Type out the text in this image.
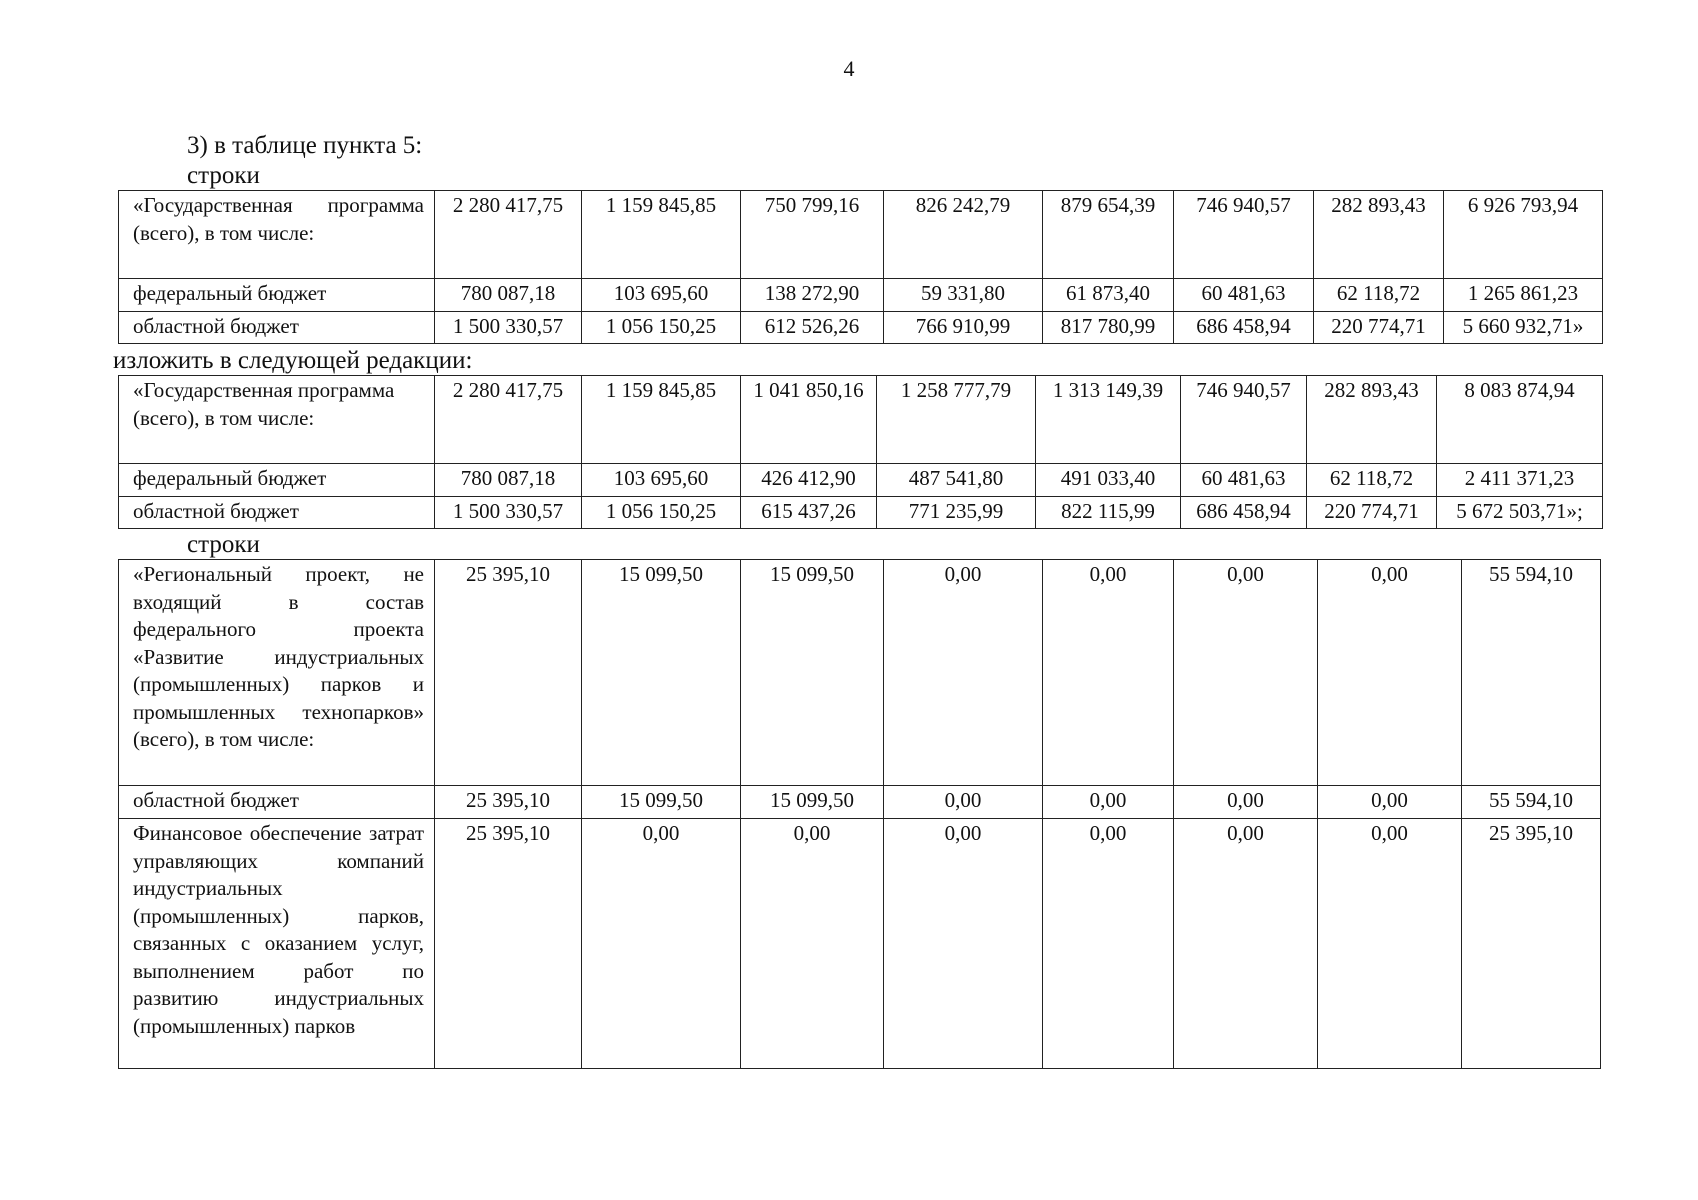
4
3) в таблице пункта 5:
строки
изложить в следующей редакции:
строки
«Государственная программа (всего), в том числе:	2 280 417,75	1 159 845,85	750 799,16	826 242,79	879 654,39	746 940,57	282 893,43	6 926 793,94

федеральный бюджет	780 087,18	103 695,60	138 272,90	59 331,80	61 873,40	60 481,63	62 118,72	1 265 861,23

областной бюджет	1 500 330,57	1 056 150,25	612 526,26	766 910,99	817 780,99	686 458,94	220 774,71	5 660 932,71»
«Государственная программа (всего), в том числе:	2 280 417,75	1 159 845,85	1 041 850,16	1 258 777,79	1 313 149,39	746 940,57	282 893,43	8 083 874,94

федеральный бюджет	780 087,18	103 695,60	426 412,90	487 541,80	491 033,40	60 481,63	62 118,72	2 411 371,23

областной бюджет	1 500 330,57	1 056 150,25	615 437,26	771 235,99	822 115,99	686 458,94	220 774,71	5 672 503,71»;
«Региональный проект, не входящий в состав федерального проекта «Развитие индустриальных (промышленных) парков и промышленных технопарков» (всего), в том числе:	25 395,10	15 099,50	15 099,50	0,00	0,00	0,00	0,00	55 594,10

областной бюджет	25 395,10	15 099,50	15 099,50	0,00	0,00	0,00	0,00	55 594,10

Финансовое обеспечение затрат управляющих компаний индустриальных (промышленных) парков, связанных с оказанием услуг, выполнением работ по развитию индустриальных (промышленных) парков	25 395,10	0,00	0,00	0,00	0,00	0,00	0,00	25 395,10
